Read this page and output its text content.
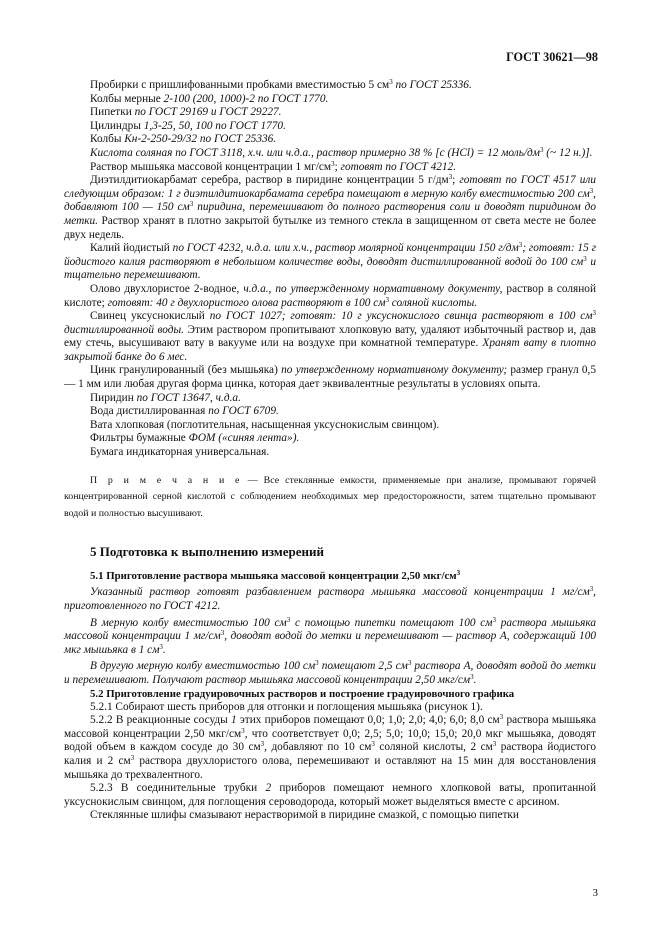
ГОСТ 30621—98

Пробирки с пришлифованными пробками вместимостью 5 $см^3$ по ГОСТ 25336.

Колбы мерные 2-100 (200, 1000)-2 по ГОСТ 1770.

Пипетки по ГОСТ 29169 и ГОСТ 29227.

Цилиндры 1,3-25, 50, 100 по ГОСТ 1770.

Колбы Кн-2-250-29/32 по ГОСТ 25336.

Кислота соляная по ГОСТ 3118, х.ч. или ч.д.а., раствор примерно 38 % [с (HCl) = 12 моль/$дм^3$ (~ 12 н.)].

Раствор мышьяка массовой концентрации 1 $мг/см^3$; готовят по ГОСТ 4212.

Диэтилдитиокарбамат серебра, раствор в пиридине концентрации 5 $г/дм^3$; готовят по ГОСТ 4517 или следующим образом: 1 г диэтилдитиокарбамата серебра помещают в мерную колбу вместимостью 200 $см^3$, добавляют 100 — 150 $см^3$ пиридина, перемешивают до полного растворения соли и доводят пиридином до метки. Раствор хранят в плотно закрытой бутылке из темного стекла в защищенном от света месте не более двух недель.

Калий йодистый по ГОСТ 4232, ч.д.а. или х.ч., раствор молярной концентрации 150 $г/дм^3$; готовят: 15 г йодистого калия растворяют в небольшом количестве воды, доводят дистиллированной водой до 100 $см^3$ и тщательно перемешивают.

Олово двухлористое 2-водное, ч.д.а., по утвержденному нормативному документу, раствор в соляной кислоте; готовят: 40 г двухлористого олова растворяют в 100 $см^3$ соляной кислоты.

Свинец уксуснокислый по ГОСТ 1027; готовят: 10 г уксуснокислого свинца растворяют в 100 $см^3$ дистиллированной воды. Этим раствором пропитывают хлопковую вату, удаляют избыточный раствор и, дав ему стечь, высушивают вату в вакууме или на воздухе при комнатной температуре. Хранят вату в плотно закрытой банке до 6 мес.

Цинк гранулированный (без мышьяка) по утвержденному нормативному документу; размер гранул 0,5 — 1 мм или любая другая форма цинка, которая дает эквивалентные результаты в условиях опыта.

Пиридин по ГОСТ 13647, ч.д.а.

Вода дистиллированная по ГОСТ 6709.

Вата хлопковая (поглотительная, насыщенная уксуснокислым свинцом).

Фильтры бумажные ФОМ («синяя лента»).

Бумага индикаторная универсальная.

П р и м е ч а н и е — Все стеклянные емкости, применяемые при анализе, промывают горячей концентрированной серной кислотой с соблюдением необходимых мер предосторожности, затем тщательно промывают водой и полностью высушивают.

5 Подготовка к выполнению измерений
5.1 Приготовление раствора мышьяка массовой концентрации 2,50 мкг/$см^3$

Указанный раствор готовят разбавлением раствора мышьяка массовой концентрации 1 $мг/см^3$, приготовленного по ГОСТ 4212.

В мерную колбу вместимостью 100 $см^3$ с помощью пипетки помещают 100 $см^3$ раствора мышьяка массовой концентрации 1 $мг/см^3$, доводят водой до метки и перемешивают — раствор А, содержащий 100 мкг мышьяка в 1 $см^3$.

В другую мерную колбу вместимостью 100 $см^3$ помещают 2,5 $см^3$ раствора А, доводят водой до метки и перемешивают. Получают раствор мышьяка массовой концентрации 2,50 мкг/$см^3$.

5.2 Приготовление градуировочных растворов и построение градуировочного графика

5.2.1 Собирают шесть приборов для отгонки и поглощения мышьяка (рисунок 1).

5.2.2 В реакционные сосуды 1 этих приборов помещают 0,0; 1,0; 2,0; 4,0; 6,0; 8,0 $см^3$ раствора мышьяка массовой концентрации 2,50 мкг/$см^3$, что соответствует 0,0; 2,5; 5,0; 10,0; 15,0; 20,0 мкг мышьяка, доводят водой объем в каждом сосуде до 30 $см^3$, добавляют по 10 $см^3$ соляной кислоты, 2 $см^3$ раствора йодистого калия и 2 $см^3$ раствора двухлористого олова, перемешивают и оставляют на 15 мин для восстановления мышьяка до трехвалентного.

5.2.3 В соединительные трубки 2 приборов помещают немного хлопковой ваты, пропитанной уксуснокислым свинцом, для поглощения сероводорода, который может выделяться вместе с арсином.

Стеклянные шлифы смазывают нерастворимой в пиридине смазкой, с помощью пипетки

3
